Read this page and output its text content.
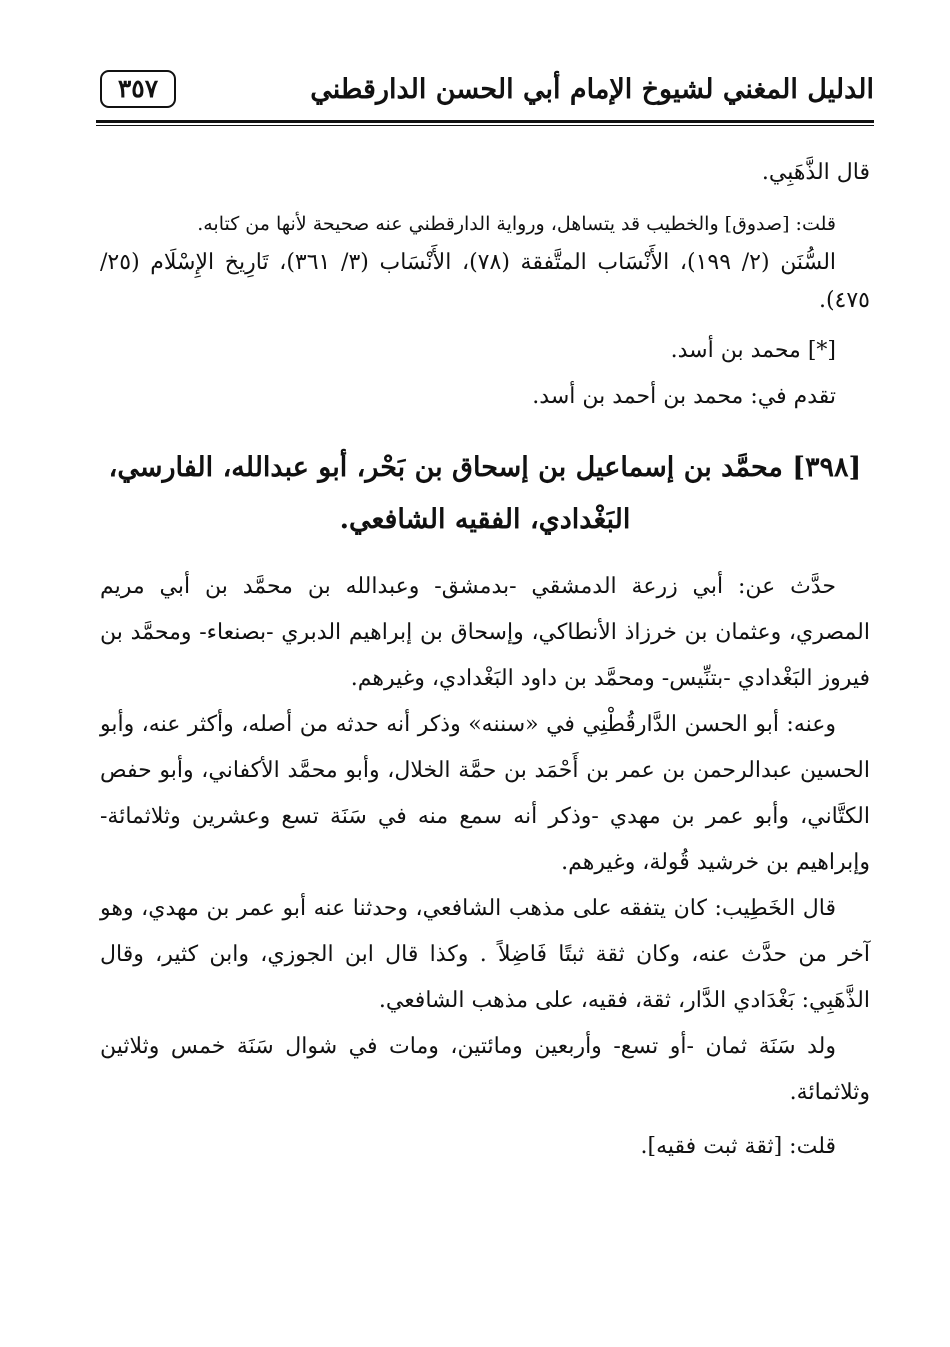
الدليل المغني لشيوخ الإمام أبي الحسن الدارقطني
٣٥٧

قال الذَّهَبِي.

قلت: [صدوق] والخطيب قد يتساهل، ورواية الدارقطني عنه صحيحة لأنها من كتابه.

السُّنَن (٢/ ١٩٩)، الأَنْسَاب المتَّفقة (٧٨)، الأَنْسَاب (٣/ ٣٦١)، تَارِيخ الإِسْلَام (٢٥/ ٤٧٥).

[*] محمد بن أسد.

تقدم في: محمد بن أحمد بن أسد.

[٣٩٨] محمَّد بن إسماعيل بن إسحاق بن بَحْر، أبو عبدالله، الفارسي، البَغْدادي، الفقيه الشافعي.

حدَّث عن: أبي زرعة الدمشقي -بدمشق- وعبدالله بن محمَّد بن أبي مريم المصري، وعثمان بن خرزاذ الأنطاكي، وإسحاق بن إبراهيم الدبري -بصنعاء- ومحمَّد بن فيروز البَغْدادي -بتنِّيس- ومحمَّد بن داود البَغْدادي، وغيرهم.

وعنه: أبو الحسن الدَّارقُطْنِي في «سننه» وذكر أنه حدثه من أصله، وأكثر عنه، وأبو الحسين عبدالرحمن بن عمر بن أَحْمَد بن حمَّة الخلال، وأبو محمَّد الأكفاني، وأبو حفص الكتَّاني، وأبو عمر بن مهدي -وذكر أنه سمع منه في سَنَة تسع وعشرين وثلاثمائة- وإبراهيم بن خرشيد قُولة، وغيرهم.

قال الخَطِيب: كان يتفقه على مذهب الشافعي، وحدثنا عنه أبو عمر بن مهدي، وهو آخر من حدَّث عنه، وكان ثقة ثبتًا فَاضِلاً . وكذا قال ابن الجوزي، وابن كثير، وقال الذَّهَبِي: بَغْدَادي الدَّار، ثقة، فقيه، على مذهب الشافعي.

ولد سَنَة ثمان -أو تسع- وأربعين ومائتين، ومات في شوال سَنَة خمس وثلاثين وثلاثمائة.

قلت: [ثقة ثبت فقيه].
